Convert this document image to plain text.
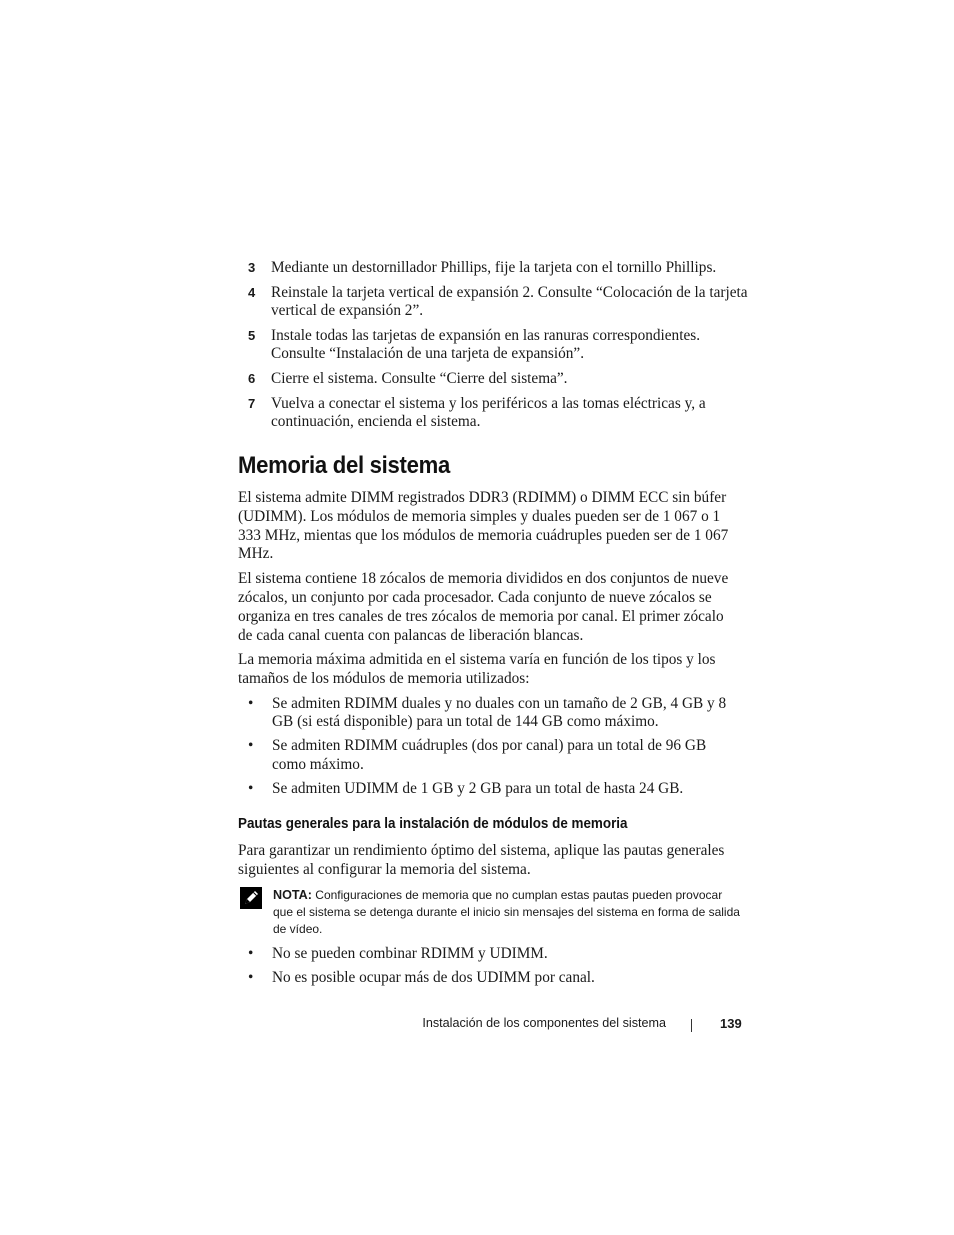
3 Mediante un destornillador Phillips, fije la tarjeta con el tornillo Phillips.
4 Reinstale la tarjeta vertical de expansión 2. Consulte “Colocación de la tarjeta vertical de expansión 2”.
5 Instale todas las tarjetas de expansión en las ranuras correspondientes. Consulte “Instalación de una tarjeta de expansión”.
6 Cierre el sistema. Consulte “Cierre del sistema”.
7 Vuelva a conectar el sistema y los periféricos a las tomas eléctricas y, a continuación, encienda el sistema.
Memoria del sistema

El sistema admite DIMM registrados DDR3 (RDIMM) o DIMM ECC sin búfer (UDIMM). Los módulos de memoria simples y duales pueden ser de 1 067 o 1 333 MHz, mientas que los módulos de memoria cuádruples pueden ser de 1 067 MHz.

El sistema contiene 18 zócalos de memoria divididos en dos conjuntos de nueve zócalos, un conjunto por cada procesador. Cada conjunto de nueve zócalos se organiza en tres canales de tres zócalos de memoria por canal. El primer zócalo de cada canal cuenta con palancas de liberación blancas.

La memoria máxima admitida en el sistema varía en función de los tipos y los tamaños de los módulos de memoria utilizados:

• Se admiten RDIMM duales y no duales con un tamaño de 2 GB, 4 GB y 8 GB (si está disponible) para un total de 144 GB como máximo.
• Se admiten RDIMM cuádruples (dos por canal) para un total de 96 GB como máximo.
• Se admiten UDIMM de 1 GB y 2 GB para un total de hasta 24 GB.
Pautas generales para la instalación de módulos de memoria

Para garantizar un rendimiento óptimo del sistema, aplique las pautas generales siguientes al configurar la memoria del sistema.

NOTA: Configuraciones de memoria que no cumplan estas pautas pueden provocar que el sistema se detenga durante el inicio sin mensajes del sistema en forma de salida de vídeo.
• No se pueden combinar RDIMM y UDIMM.
• No es posible ocupar más de dos UDIMM por canal.
Instalación de los componentes del sistema	139
